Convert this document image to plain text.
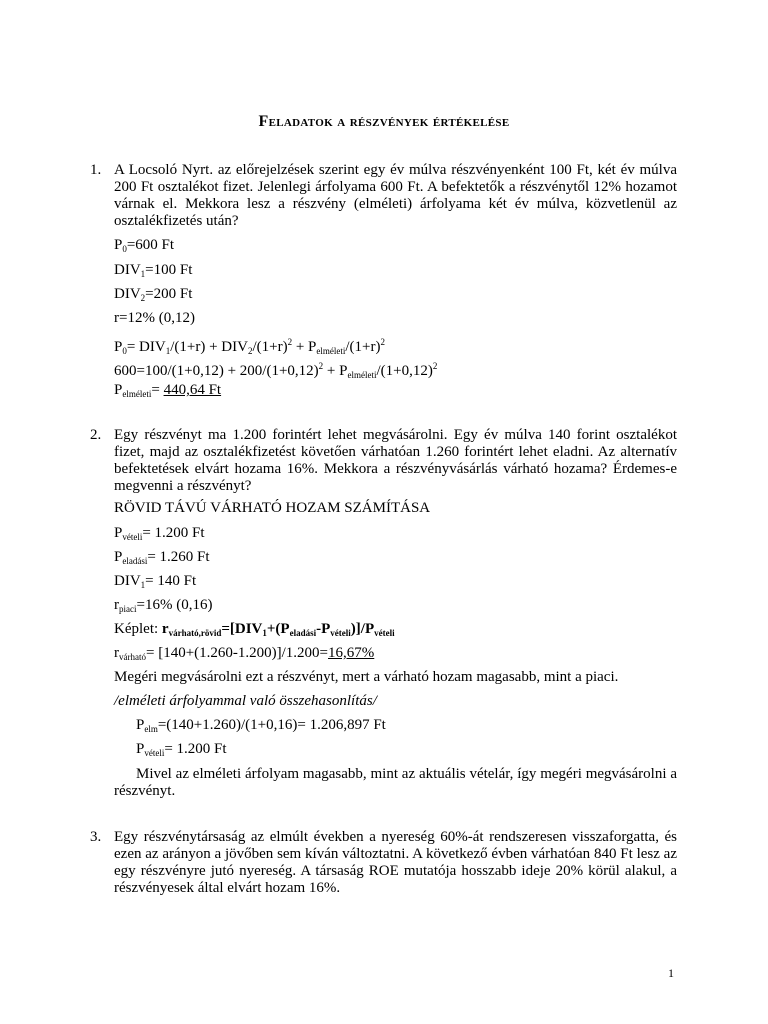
Feladatok a részvények értékelése
1. A Locsoló Nyrt. az előrejelzések szerint egy év múlva részvényenként 100 Ft, két év múlva 200 Ft osztalékot fizet. Jelenlegi árfolyama 600 Ft. A befektetők a részvénytől 12% hozamot várnak el. Mekkora lesz a részvény (elméleti) árfolyama két év múlva, közvetlenül az osztalékfizetés után?
$P_0=600$ Ft
$DIV_1=100$ Ft
$DIV_2=200$ Ft
r=12% (0,12)
$P_0= DIV_1/(1+r) + DIV_2/(1+r)^2 + P_{elméleti}/(1+r)^2$
$600=100/(1+0,12) + 200/(1+0,12)^2 + P_{elméleti}/(1+0,12)^2$
$P_{elméleti}= 440,64$ Ft
2. Egy részvényt ma 1.200 forintért lehet megvásárolni. Egy év múlva 140 forint osztalékot fizet, majd az osztalékfizetést követően várhatóan 1.260 forintért lehet eladni. Az alternatív befektetések elvárt hozama 16%. Mekkora a részvényvásárlás várható hozama? Érdemes-e megvenni a részvényt?
RÖVID TÁVÚ VÁRHATÓ HOZAM SZÁMÍTÁSA
$P_{vételi}= 1.200$ Ft
$P_{eladási}= 1.260$ Ft
$DIV_1= 140$ Ft
$r_{piaci}=16\%$ (0,16)
Képlet: $r_{várható,rövid}=[DIV_1+(P_{eladási}-P_{vételi})]/P_{vételi}$
$r_{várható}= [140+(1.260-1.200)]/1.200=16,67\%$
Megéri megvásárolni ezt a részvényt, mert a várható hozam magasabb, mint a piaci.
/elméleti árfolyammal való összehasonlítás/
$P_{elm}=(140+1.260)/(1+0,16)= 1.206,897$ Ft
$P_{vételi}= 1.200$ Ft
Mivel az elméleti árfolyam magasabb, mint az aktuális vételár, így megéri megvásárolni a részvényt.
3. Egy részvénytársaság az elmúlt években a nyereség 60%-át rendszeresen visszaforgatta, és ezen az arányon a jövőben sem kíván változtatni. A következő évben várhatóan 840 Ft lesz az egy részvényre jutó nyereség. A társaság ROE mutatója hosszabb ideje 20% körül alakul, a részvényesek által elvárt hozam 16%.
1
